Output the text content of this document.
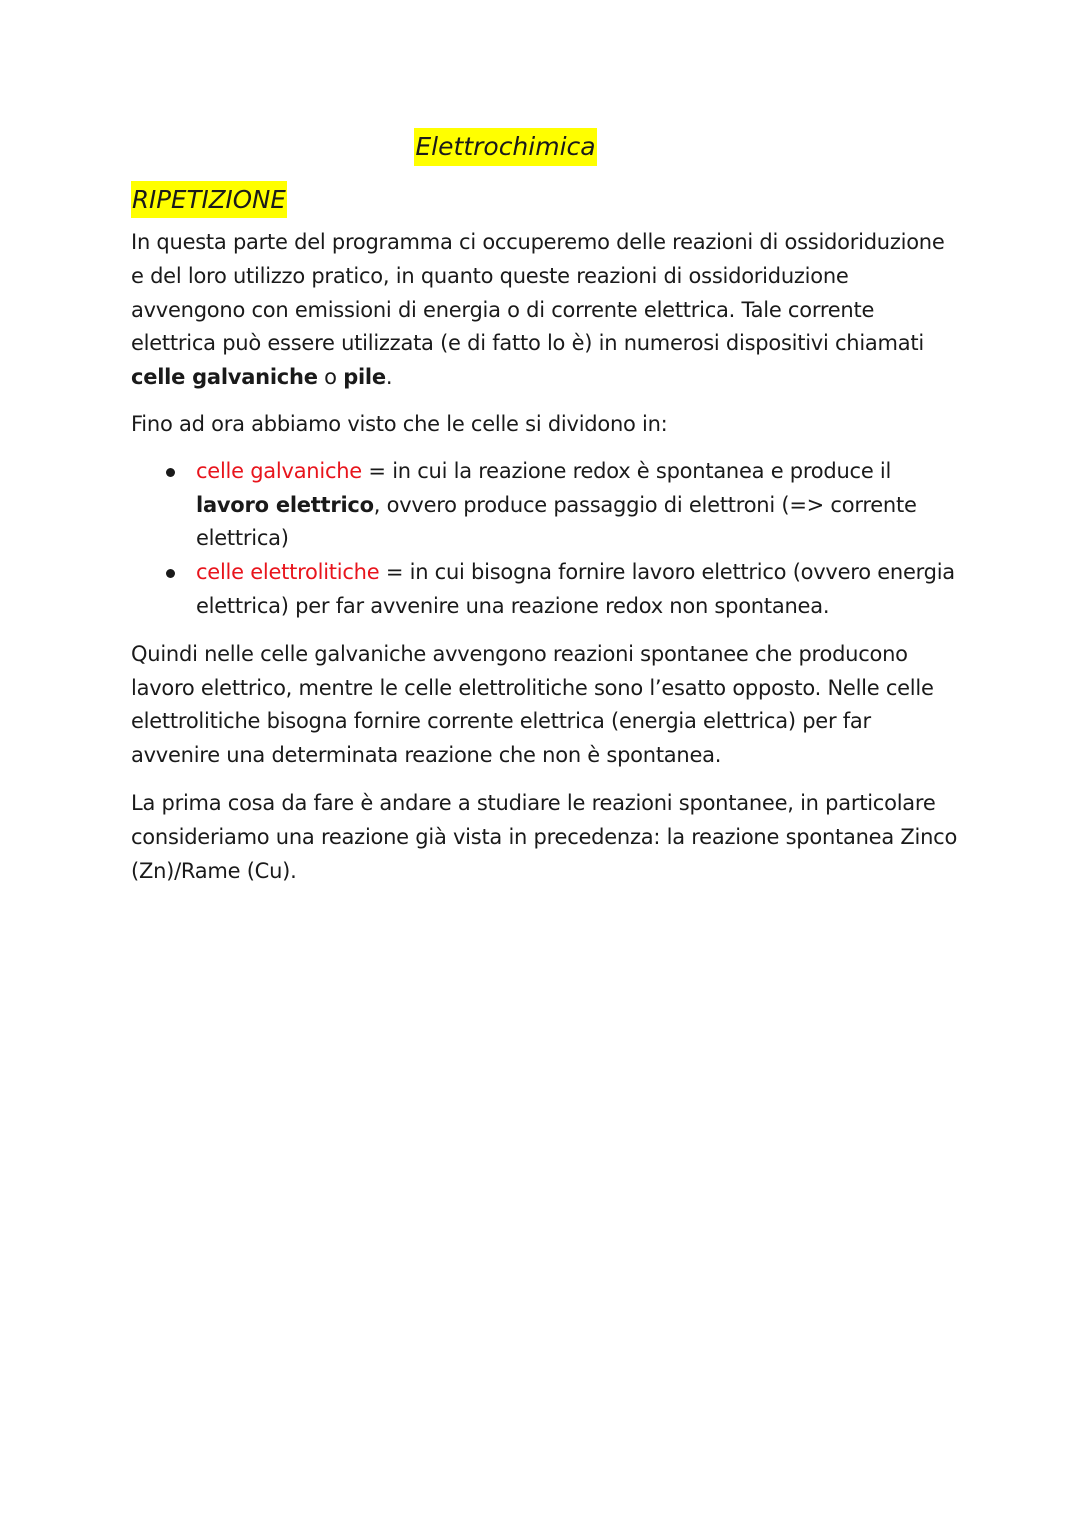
Elettrochimica
RIPETIZIONE

In questa parte del programma ci occuperemo delle reazioni di ossidoriduzione e del loro utilizzo pratico, in quanto queste reazioni di ossidoriduzione avvengono con emissioni di energia o di corrente elettrica. Tale corrente elettrica può essere utilizzata (e di fatto lo è) in numerosi dispositivi chiamati celle galvaniche o pile.

Fino ad ora abbiamo visto che le celle si dividono in:

celle galvaniche = in cui la reazione redox è spontanea e produce il lavoro elettrico, ovvero produce passaggio di elettroni (=> corrente elettrica)
celle elettrolitiche = in cui bisogna fornire lavoro elettrico (ovvero energia elettrica) per far avvenire una reazione redox non spontanea.

Quindi nelle celle galvaniche avvengono reazioni spontanee che producono lavoro elettrico, mentre le celle elettrolitiche sono l’esatto opposto. Nelle celle elettrolitiche bisogna fornire corrente elettrica (energia elettrica) per far avvenire una determinata reazione che non è spontanea.

La prima cosa da fare è andare a studiare le reazioni spontanee, in particolare consideriamo una reazione già vista in precedenza: la reazione spontanea Zinco (Zn)/Rame (Cu).
